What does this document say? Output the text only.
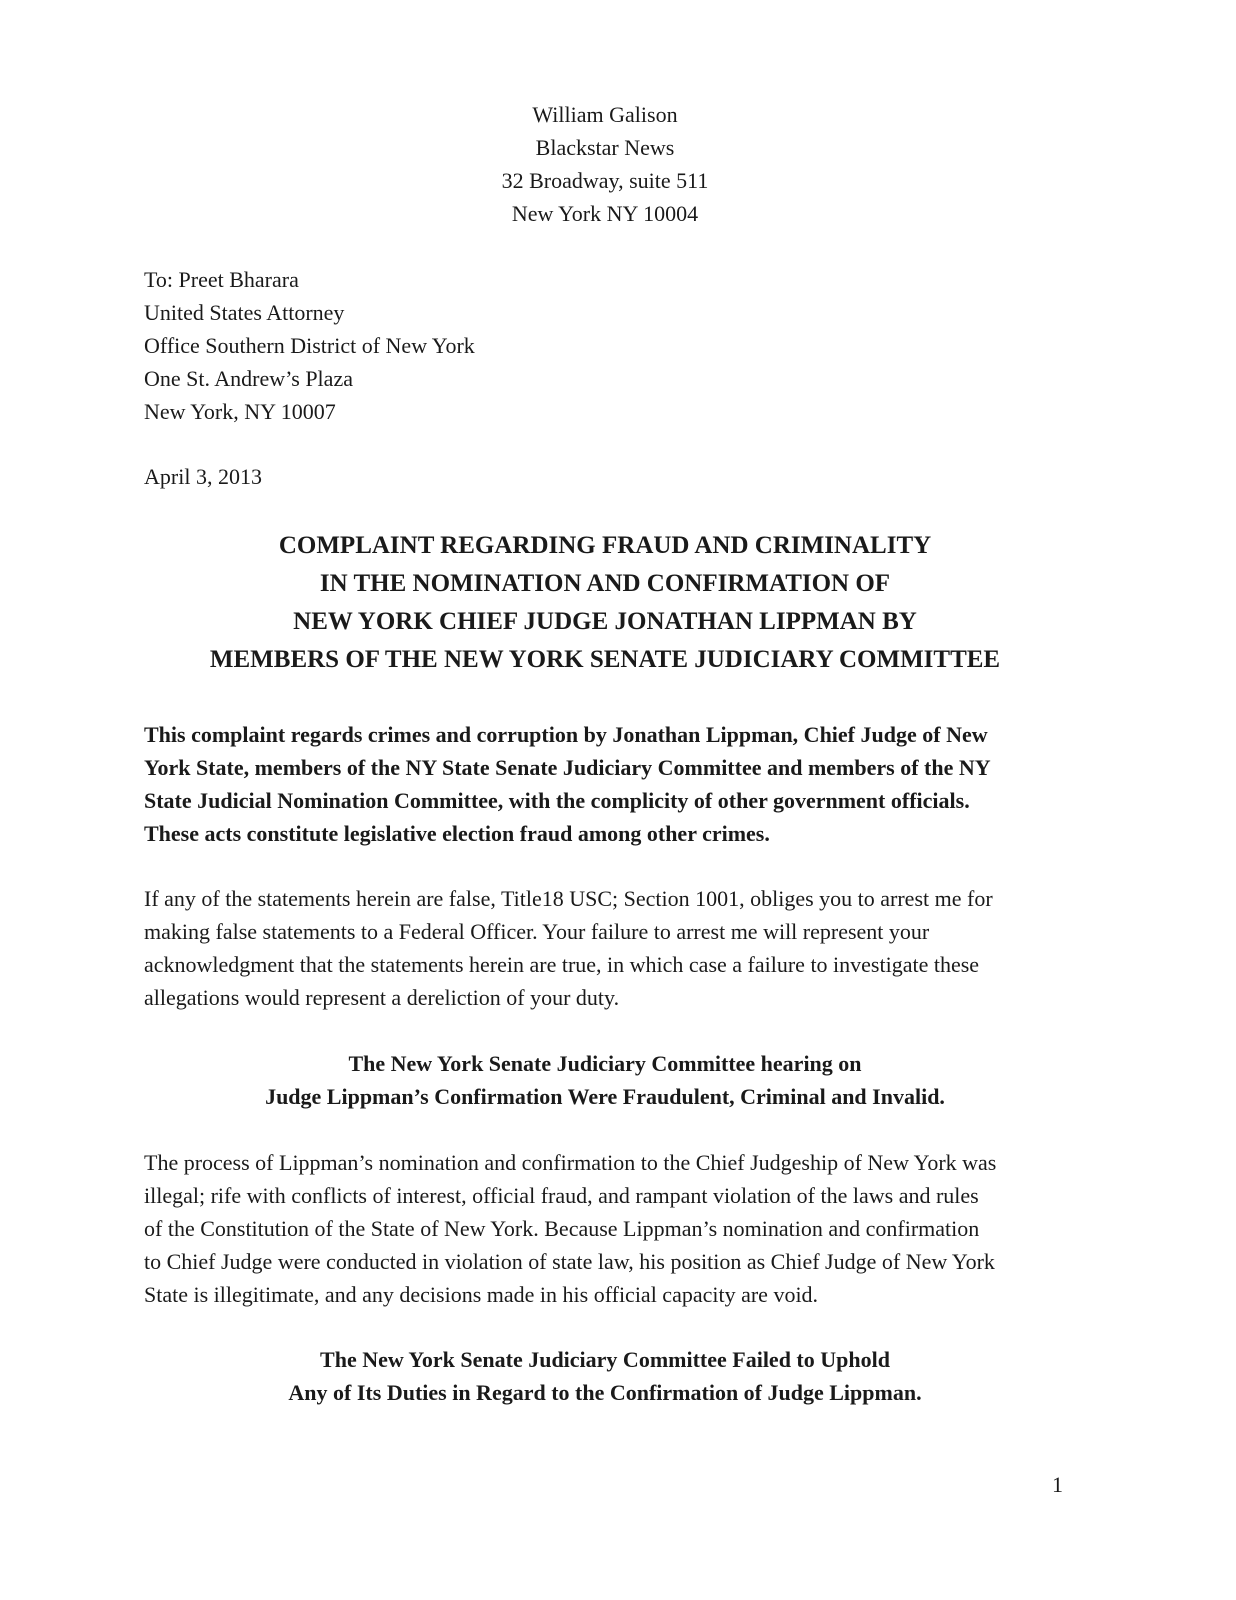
William Galison
Blackstar News
32 Broadway, suite 511
New York NY 10004
To: Preet Bharara
United States Attorney
Office Southern District of New York
One St. Andrew’s Plaza
New York, NY 10007
April 3, 2013
COMPLAINT REGARDING FRAUD AND CRIMINALITY
IN THE NOMINATION AND CONFIRMATION OF
NEW YORK CHIEF JUDGE JONATHAN LIPPMAN BY
MEMBERS OF THE NEW YORK SENATE JUDICIARY COMMITTEE
This complaint regards crimes and corruption by Jonathan Lippman, Chief Judge of New
York State, members of the NY State Senate Judiciary Committee and members of the NY
State Judicial Nomination Committee, with the complicity of other government officials.
These acts constitute legislative election fraud among other crimes.
If any of the statements herein are false, Title18 USC; Section 1001, obliges you to arrest me for
making false statements to a Federal Officer. Your failure to arrest me will represent your
acknowledgment that the statements herein are true, in which case a failure to investigate these
allegations would represent a dereliction of your duty.
The New York Senate Judiciary Committee hearing on
Judge Lippman’s Confirmation Were Fraudulent, Criminal and Invalid.
The process of Lippman’s nomination and confirmation to the Chief Judgeship of New York was
illegal; rife with conflicts of interest, official fraud, and rampant violation of the laws and rules
of the Constitution of the State of New York. Because Lippman’s nomination and confirmation
to Chief Judge were conducted in violation of state law, his position as Chief Judge of New York
State is illegitimate, and any decisions made in his official capacity are void.
The New York Senate Judiciary Committee Failed to Uphold
Any of Its Duties in Regard to the Confirmation of Judge Lippman.
1
